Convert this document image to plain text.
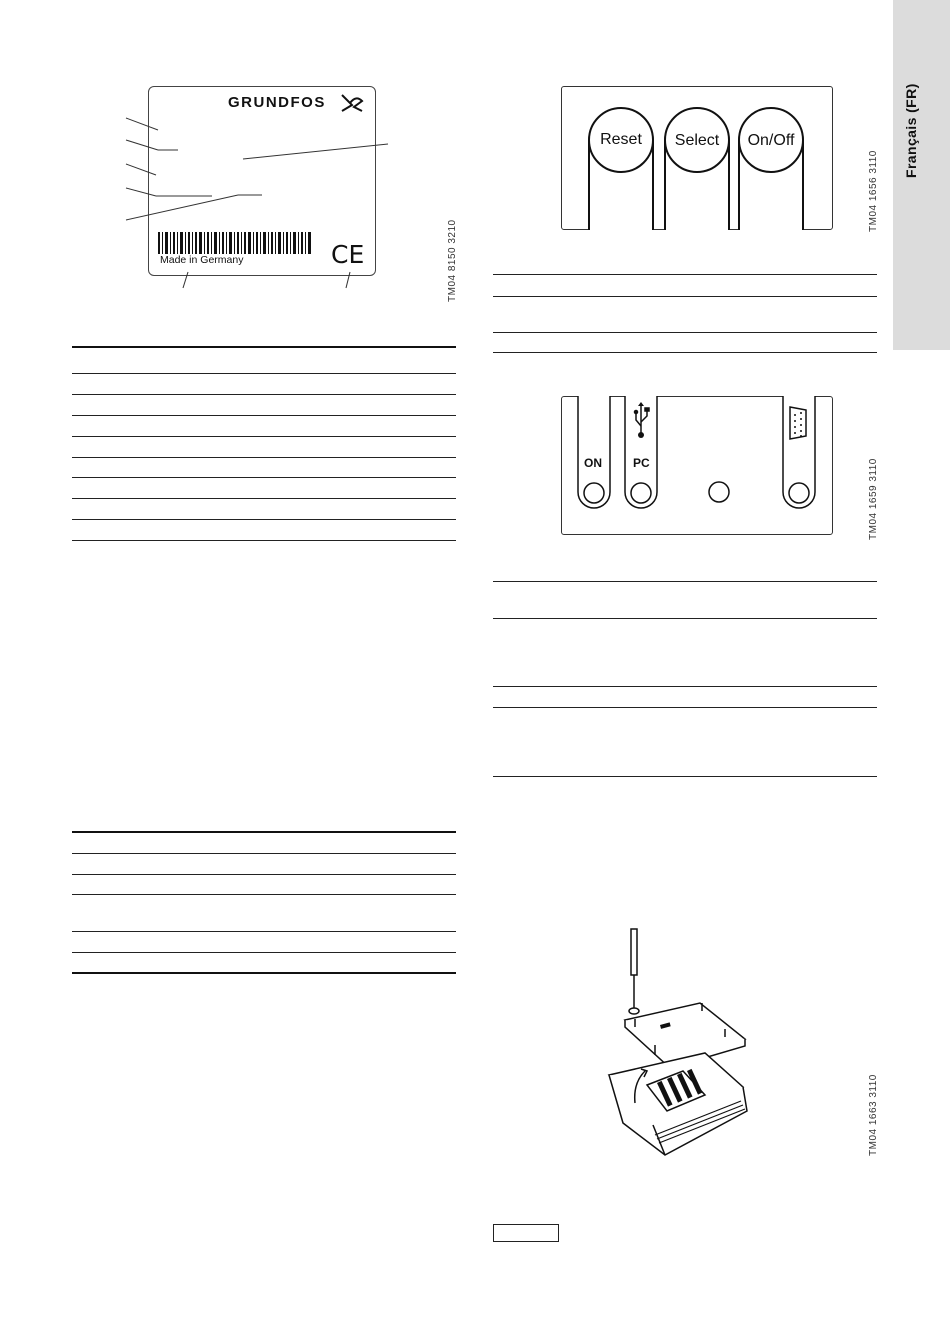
Français (FR)
GRUNDFOS
Made in Germany	CE	TM04 8150 3210
Reset	Select	On/Off
TM04 1656 3110
ON	PC	TM04 1659 3110
TM04 1663 3110
